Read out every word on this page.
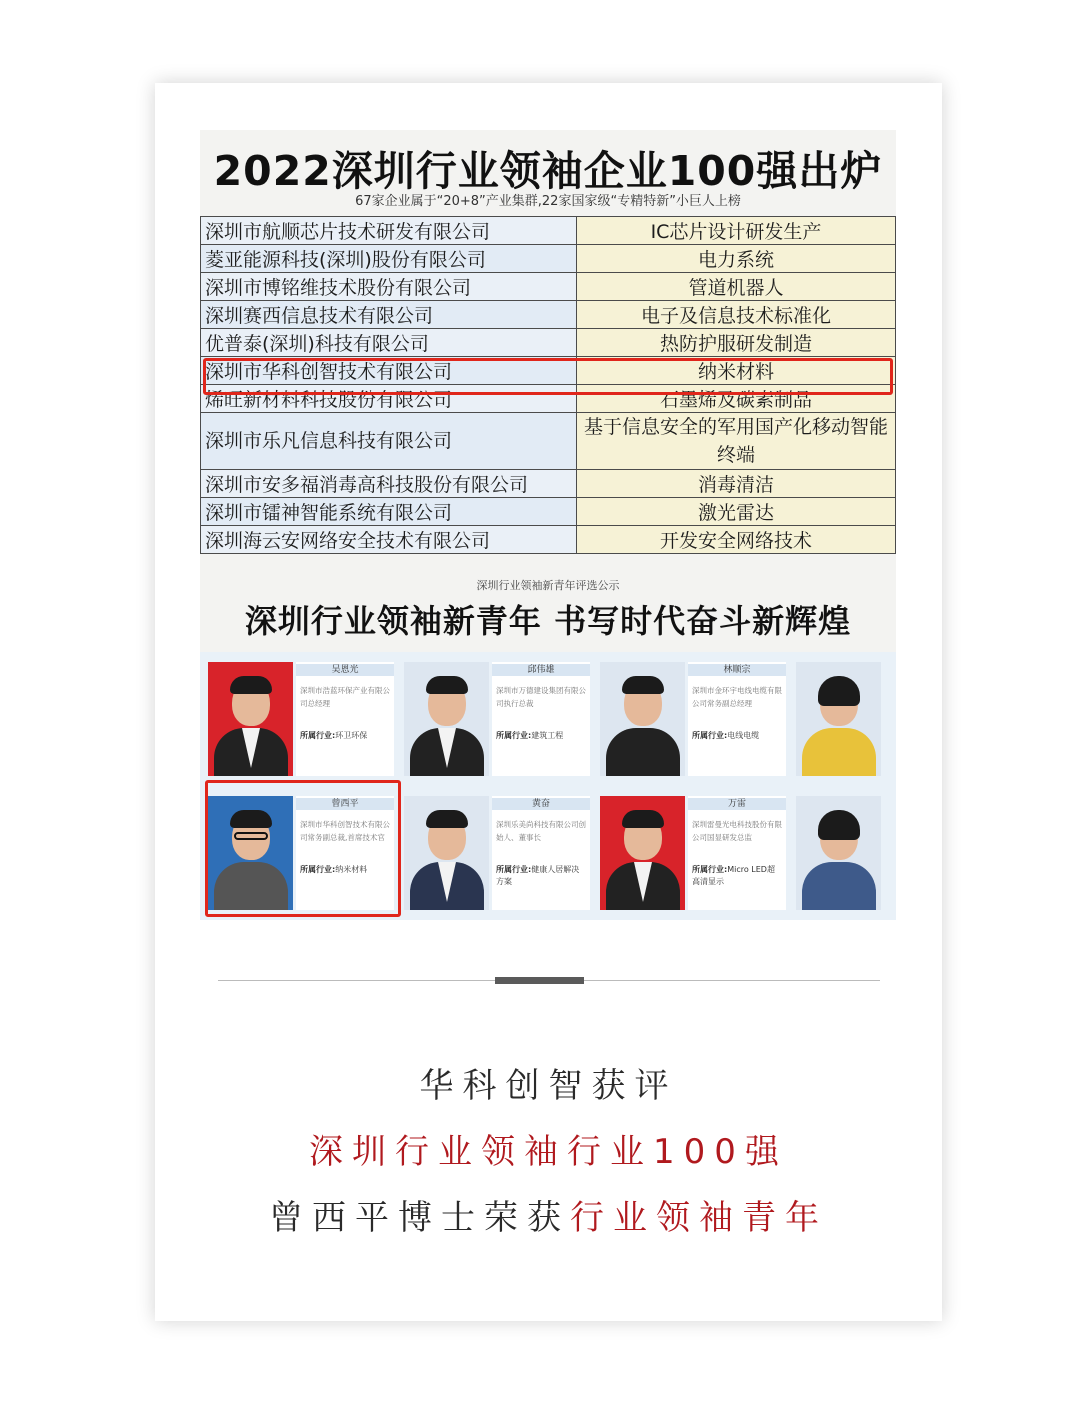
2022深圳行业领袖企业100强出炉
67家企业属于“20+8”产业集群,22家国家级“专精特新”小巨人上榜
深圳市航顺芯片技术研发有限公司	IC芯片设计研发生产
菱亚能源科技(深圳)股份有限公司	电力系统
深圳市博铭维技术股份有限公司	管道机器人
深圳赛西信息技术有限公司	电子及信息技术标准化
优普泰(深圳)科技有限公司	热防护服研发制造
深圳市华科创智技术有限公司	纳米材料
烯旺新材料科技股份有限公司	石墨烯及碳素制品
深圳市乐凡信息科技有限公司	基于信息安全的军用国产化移动智能终端
深圳市安多福消毒高科技股份有限公司	消毒清洁
深圳市镭神智能系统有限公司	激光雷达
深圳海云安网络安全技术有限公司	开发安全网络技术
深圳行业领袖新青年评选公示
深圳行业领袖新青年 书写时代奋斗新辉煌
吴恩光
深圳市浩蓝环保产业有限公司总经理
所属行业:环卫环保
邱伟雄
深圳市万德建设集团有限公司执行总裁
所属行业:建筑工程
林顺宗
深圳市金环宇电线电缆有限公司常务副总经理
所属行业:电线电缆
曾西平
深圳市华科创智技术有限公司常务副总裁,首席技术官
所属行业:纳米材料
黄奋
深圳乐美尚科技有限公司创始人、董事长
所属行业:健康人居解决方案
万雷
深圳雷曼光电科技股份有限公司国显研发总监
所属行业:Micro LED超高清显示
华科创智获评
深圳行业领袖行业100强
曾西平博士荣获行业领袖青年
